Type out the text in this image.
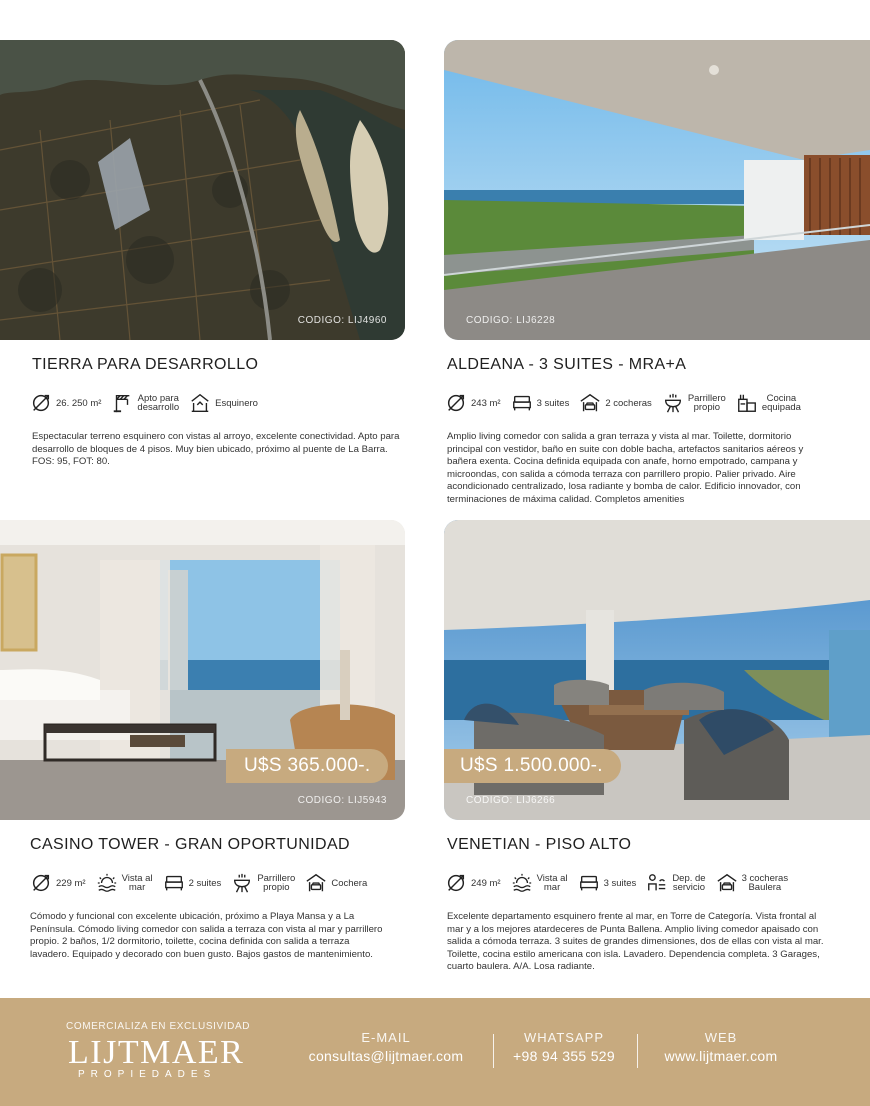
CODIGO: LIJ4960	CODIGO: LIJ6228
TIERRA PARA DESARROLLO
26. 250 m²	Apto para
desarrollo	Esquinero
Espectacular terreno esquinero con vistas al arroyo, excelente conectividad. Apto para desarrollo de bloques de 4 pisos. Muy bien ubicado, próximo al puente de La Barra. FOS: 95, FOT: 80.
ALDEANA - 3 SUITES - MRA+A
243 m²	3 suites	2 cocheras	Parrillero
propio
Cocina
equipada
Amplio living comedor con salida a gran terraza y vista al mar. Toilette, dormitorio principal con vestidor, baño en suite con doble bacha, artefactos sanitarios aéreos y bañera exenta. Cocina definida equipada con anafe, horno empotrado, campana y microondas, con salida a cómoda terraza con parrillero propio. Palier privado. Aire acondicionado centralizado, losa radiante y bomba de calor. Edificio innovador, con terminaciones de máxima calidad. Completos amenities
U$S 365.000-.
CODIGO: LIJ5943
U$S 1.500.000-.
CODIGO: LIJ6266
CASINO TOWER - GRAN OPORTUNIDAD
229 m²	Vista al
mar	2 suites	Parrillero
propio	Cochera
Cómodo y funcional con excelente ubicación, próximo a Playa Mansa y a La Península. Cómodo living comedor con salida a terraza con vista al mar y parrillero propio. 2 baños, 1/2 dormitorio, toilette, cocina definida con salida a terraza lavadero. Equipado y decorado con buen gusto. Bajos gastos de mantenimiento.
VENETIAN - PISO ALTO
249 m²	Vista al
mar	3 suites	Dep. de
servicio
3 cocheras
Baulera
Excelente departamento esquinero frente al mar, en Torre de Categoría. Vista frontal al mar y a los mejores atardeceres de Punta Ballena. Amplio living comedor apaisado con salida a cómoda terraza. 3 suites de grandes dimensiones, dos de ellas con vista al mar. Toilette, cocina estilo americana con isla. Lavadero. Dependencia completa. 3 Garages, cuarto baulera. A/A. Losa radiante.
COMERCIALIZA EN EXCLUSIVIDAD
LIJTMAER
PROPIEDADES
E-MAIL
consultas@lijtmaer.com
WHATSAPP
+98 94 355 529
WEB
www.lijtmaer.com
